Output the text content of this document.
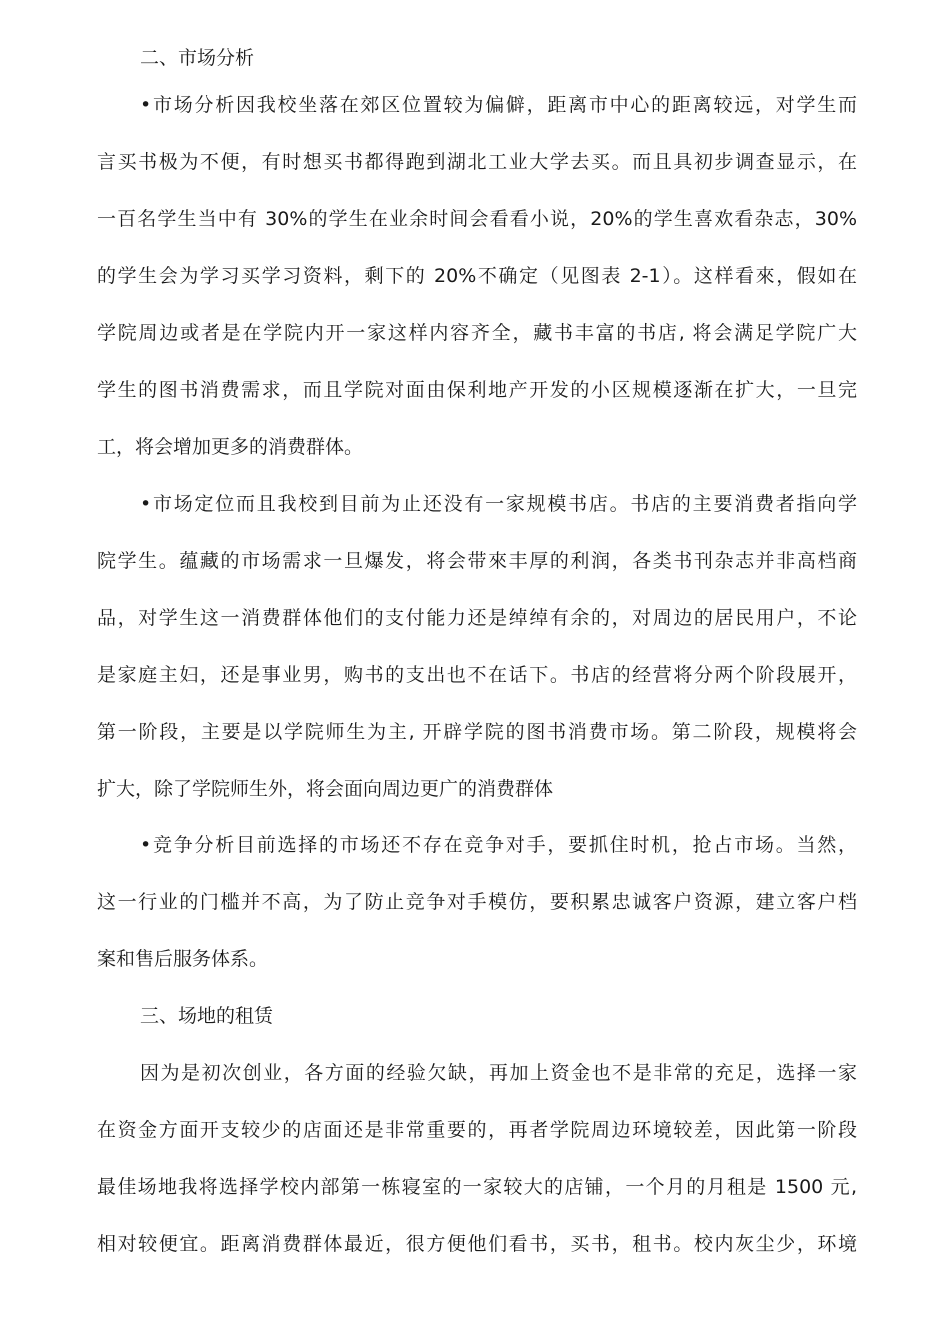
二、市场分析
•市场分析因我校坐落在郊区位置较为偏僻，距离市中心的距离较远，对学生而
言买书极为不便，有时想买书都得跑到湖北工业大学去买。而且具初步调查显示，在
一百名学生当中有 30%的学生在业余时间会看看小说，20%的学生喜欢看杂志，30%
的学生会为学习买学习资料，剩下的 20%不确定（见图表 2-1）。这样看來，假如在
学院周边或者是在学院内开一家这样内容齐全，藏书丰富的书店, 将会满足学院广大
学生的图书消费需求，而且学院对面由保利地产开发的小区规模逐渐在扩大，一旦完
工，将会增加更多的消费群体。
•市场定位而且我校到目前为止还没有一家规模书店。书店的主要消费者指向学
院学生。蕴藏的市场需求一旦爆发，将会带來丰厚的利润，各类书刊杂志并非高档商
品，对学生这一消费群体他们的支付能力还是绰绰有余的，对周边的居民用户，不论
是家庭主妇，还是事业男，购书的支出也不在话下。书店的经营将分两个阶段展开，
第一阶段，主要是以学院师生为主, 开辟学院的图书消费市场。第二阶段，规模将会
扩大，除了学院师生外，将会面向周边更广的消费群体
•竞争分析目前选择的市场还不存在竞争对手，要抓住时机，抢占市场。当然，
这一行业的门槛并不高，为了防止竞争对手模仿，要积累忠诚客户资源，建立客户档
案和售后服务体系。
三、场地的租赁
因为是初次创业，各方面的经验欠缺，再加上资金也不是非常的充足，选择一家
在资金方面开支较少的店面还是非常重要的，再者学院周边环境较差，因此第一阶段
最佳场地我将选择学校内部第一栋寝室的一家较大的店铺，一个月的月租是 1500 元,
相对较便宜。距离消费群体最近，很方便他们看书，买书，租书。校内灰尘少，环境
